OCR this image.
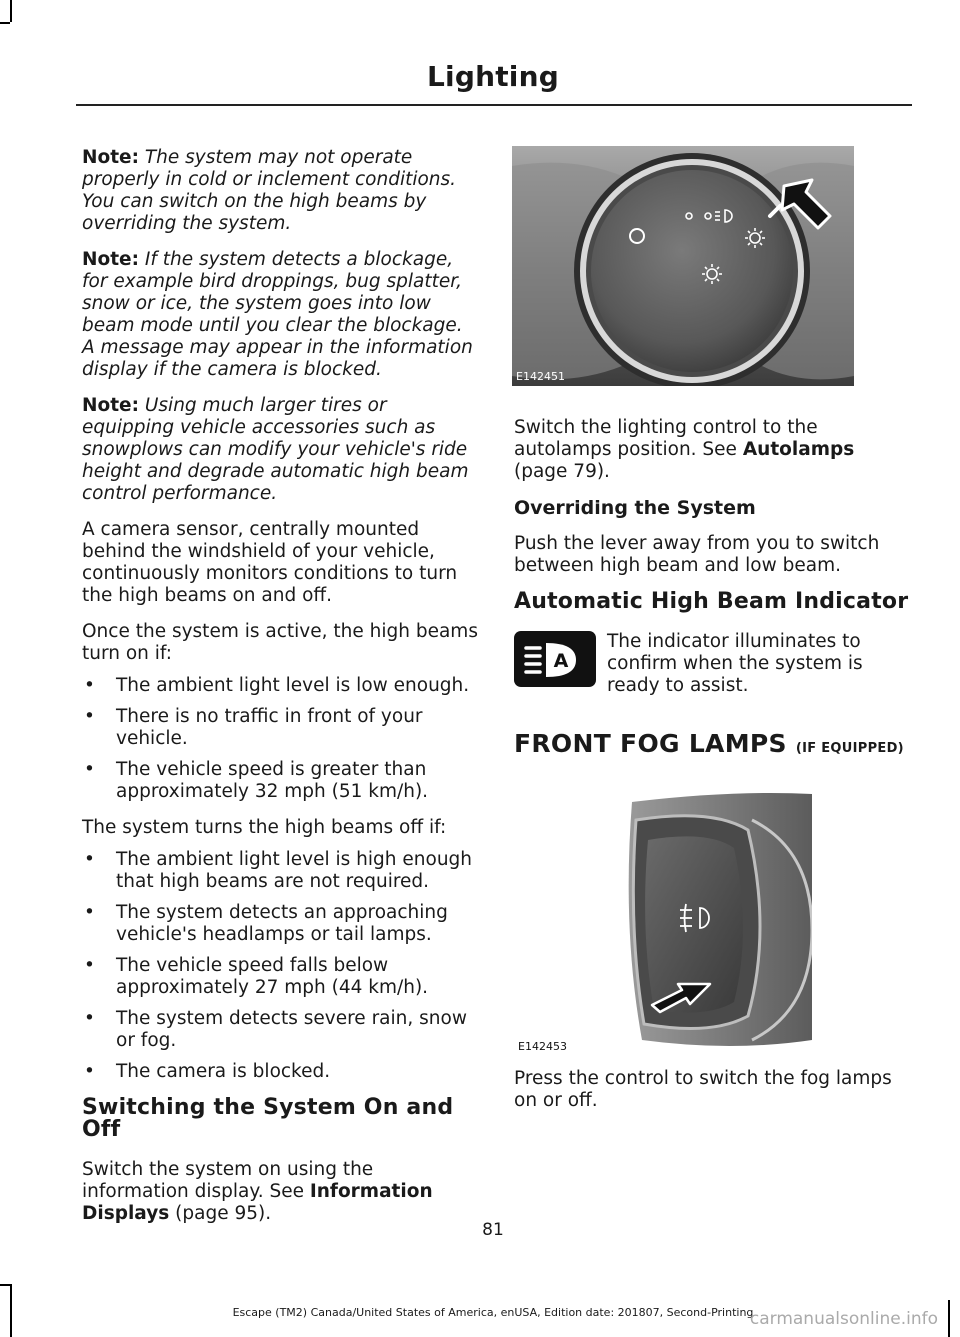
Lighting

Note: The system may not operate properly in cold or inclement conditions. You can switch on the high beams by overriding the system.

Note: If the system detects a blockage, for example bird droppings, bug splatter, snow or ice, the system goes into low beam mode until you clear the blockage. A message may appear in the information display if the camera is blocked.

Note: Using much larger tires or equipping vehicle accessories such as snowplows can modify your vehicle's ride height and degrade automatic high beam control performance.

A camera sensor, centrally mounted behind the windshield of your vehicle, continuously monitors conditions to turn the high beams on and off.

Once the system is active, the high beams turn on if:

• The ambient light level is low enough.
• There is no traffic in front of your vehicle.
• The vehicle speed is greater than approximately 32 mph (51 km/h).

The system turns the high beams off if:

• The ambient light level is high enough that high beams are not required.
• The system detects an approaching vehicle's headlamps or tail lamps.
• The vehicle speed falls below approximately 27 mph (44 km/h).
• The system detects severe rain, snow or fog.
• The camera is blocked.
Switching the System On and Off

Switch the system on using the information display. See Information Displays (page 95).

E142451

Switch the lighting control to the autolamps position. See Autolamps (page 79).

Overriding the System

Push the lever away from you to switch between high beam and low beam.

Automatic High Beam Indicator
A

The indicator illuminates to confirm when the system is ready to assist.

FRONT FOG LAMPS (IF EQUIPPED)
E142453

Press the control to switch the fog lamps on or off.

81
Escape (TM2) Canada/United States of America, enUSA, Edition date: 201807, Second-Printing
carmanualsonline.info
